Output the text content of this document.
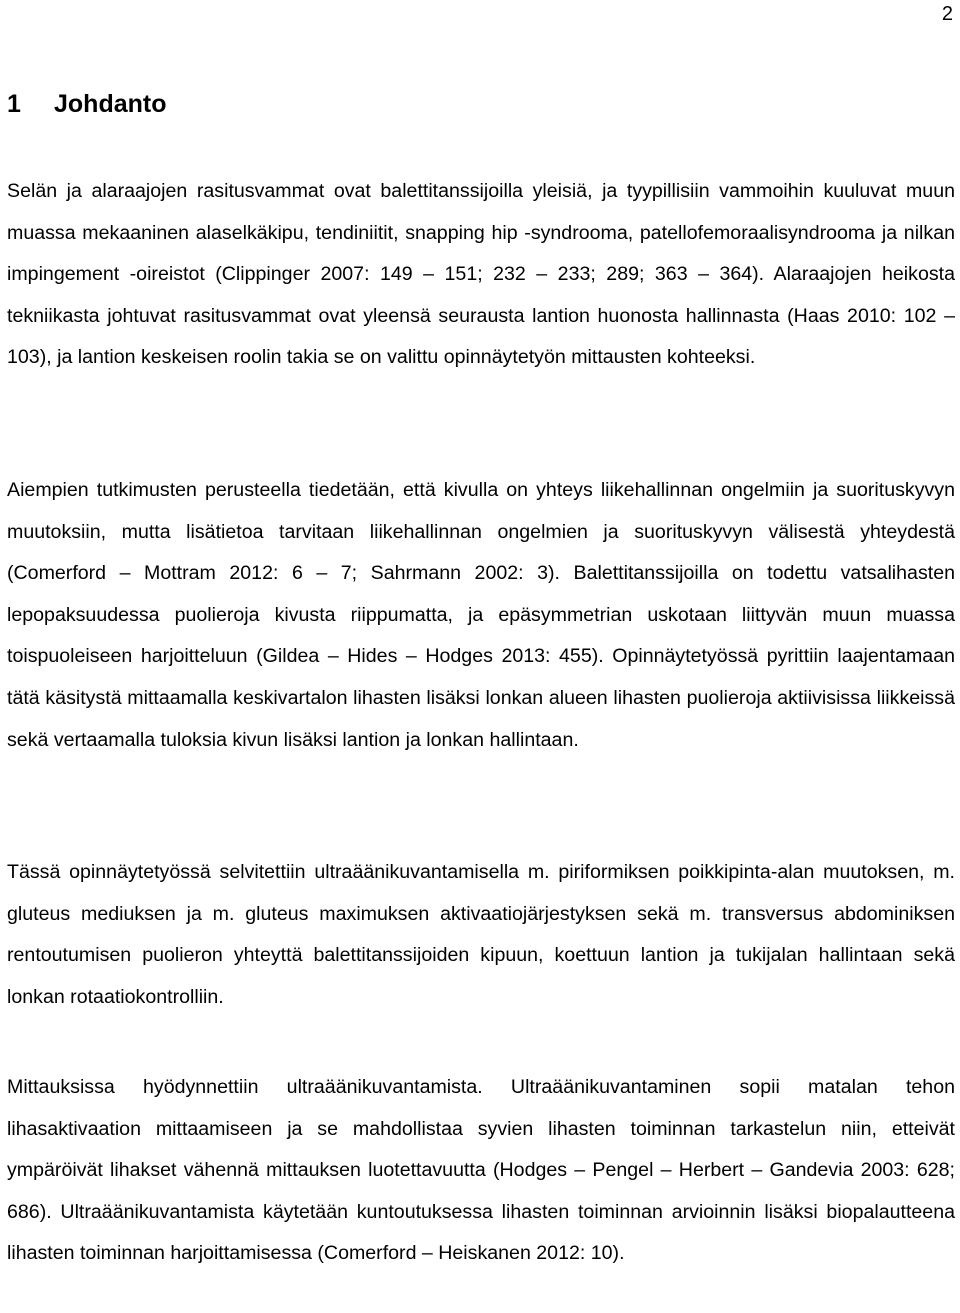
2
1 Johdanto

Selän ja alaraajojen rasitusvammat ovat balettitanssijoilla yleisiä, ja tyypillisiin vammoihin kuuluvat muun muassa mekaaninen alaselkäkipu, tendiniitit, snapping hip -syndrooma, patellofemoraalisyndrooma ja nilkan impingement -oireistot (Clippinger 2007: 149 – 151; 232 – 233; 289; 363 – 364). Alaraajojen heikosta tekniikasta johtuvat rasitusvammat ovat yleensä seurausta lantion huonosta hallinnasta (Haas 2010: 102 – 103), ja lantion keskeisen roolin takia se on valittu opinnäytetyön mittausten kohteeksi.

Aiempien tutkimusten perusteella tiedetään, että kivulla on yhteys liikehallinnan ongelmiin ja suorituskyvyn muutoksiin, mutta lisätietoa tarvitaan liikehallinnan ongelmien ja suorituskyvyn välisestä yhteydestä (Comerford – Mottram 2012: 6 – 7; Sahrmann 2002: 3). Balettitanssijoilla on todettu vatsalihasten lepopaksuudessa puolieroja kivusta riippumatta, ja epäsymmetrian uskotaan liittyvän muun muassa toispuoleiseen harjoitteluun (Gildea – Hides – Hodges 2013: 455). Opinnäytetyössä pyrittiin laajentamaan tätä käsitystä mittaamalla keskivartalon lihasten lisäksi lonkan alueen lihasten puolieroja aktiivisissa liikkeissä sekä vertaamalla tuloksia kivun lisäksi lantion ja lonkan hallintaan.

Tässä opinnäytetyössä selvitettiin ultraäänikuvantamisella m. piriformiksen poikkipinta-alan muutoksen, m. gluteus mediuksen ja m. gluteus maximuksen aktivaatiojärjestyksen sekä m. transversus abdominiksen rentoutumisen puolieron yhteyttä balettitanssijoiden kipuun, koettuun lantion ja tukijalan hallintaan sekä lonkan rotaatiokontrolliin.

Mittauksissa hyödynnettiin ultraäänikuvantamista. Ultraäänikuvantaminen sopii matalan tehon lihasaktivaation mittaamiseen ja se mahdollistaa syvien lihasten toiminnan tarkastelun niin, etteivät ympäröivät lihakset vähennä mittauksen luotettavuutta (Hodges – Pengel – Herbert – Gandevia 2003: 628; 686). Ultraäänikuvantamista käytetään kuntoutuksessa lihasten toiminnan arvioinnin lisäksi biopalautteena lihasten toiminnan harjoittamisessa (Comerford – Heiskanen 2012: 10).
